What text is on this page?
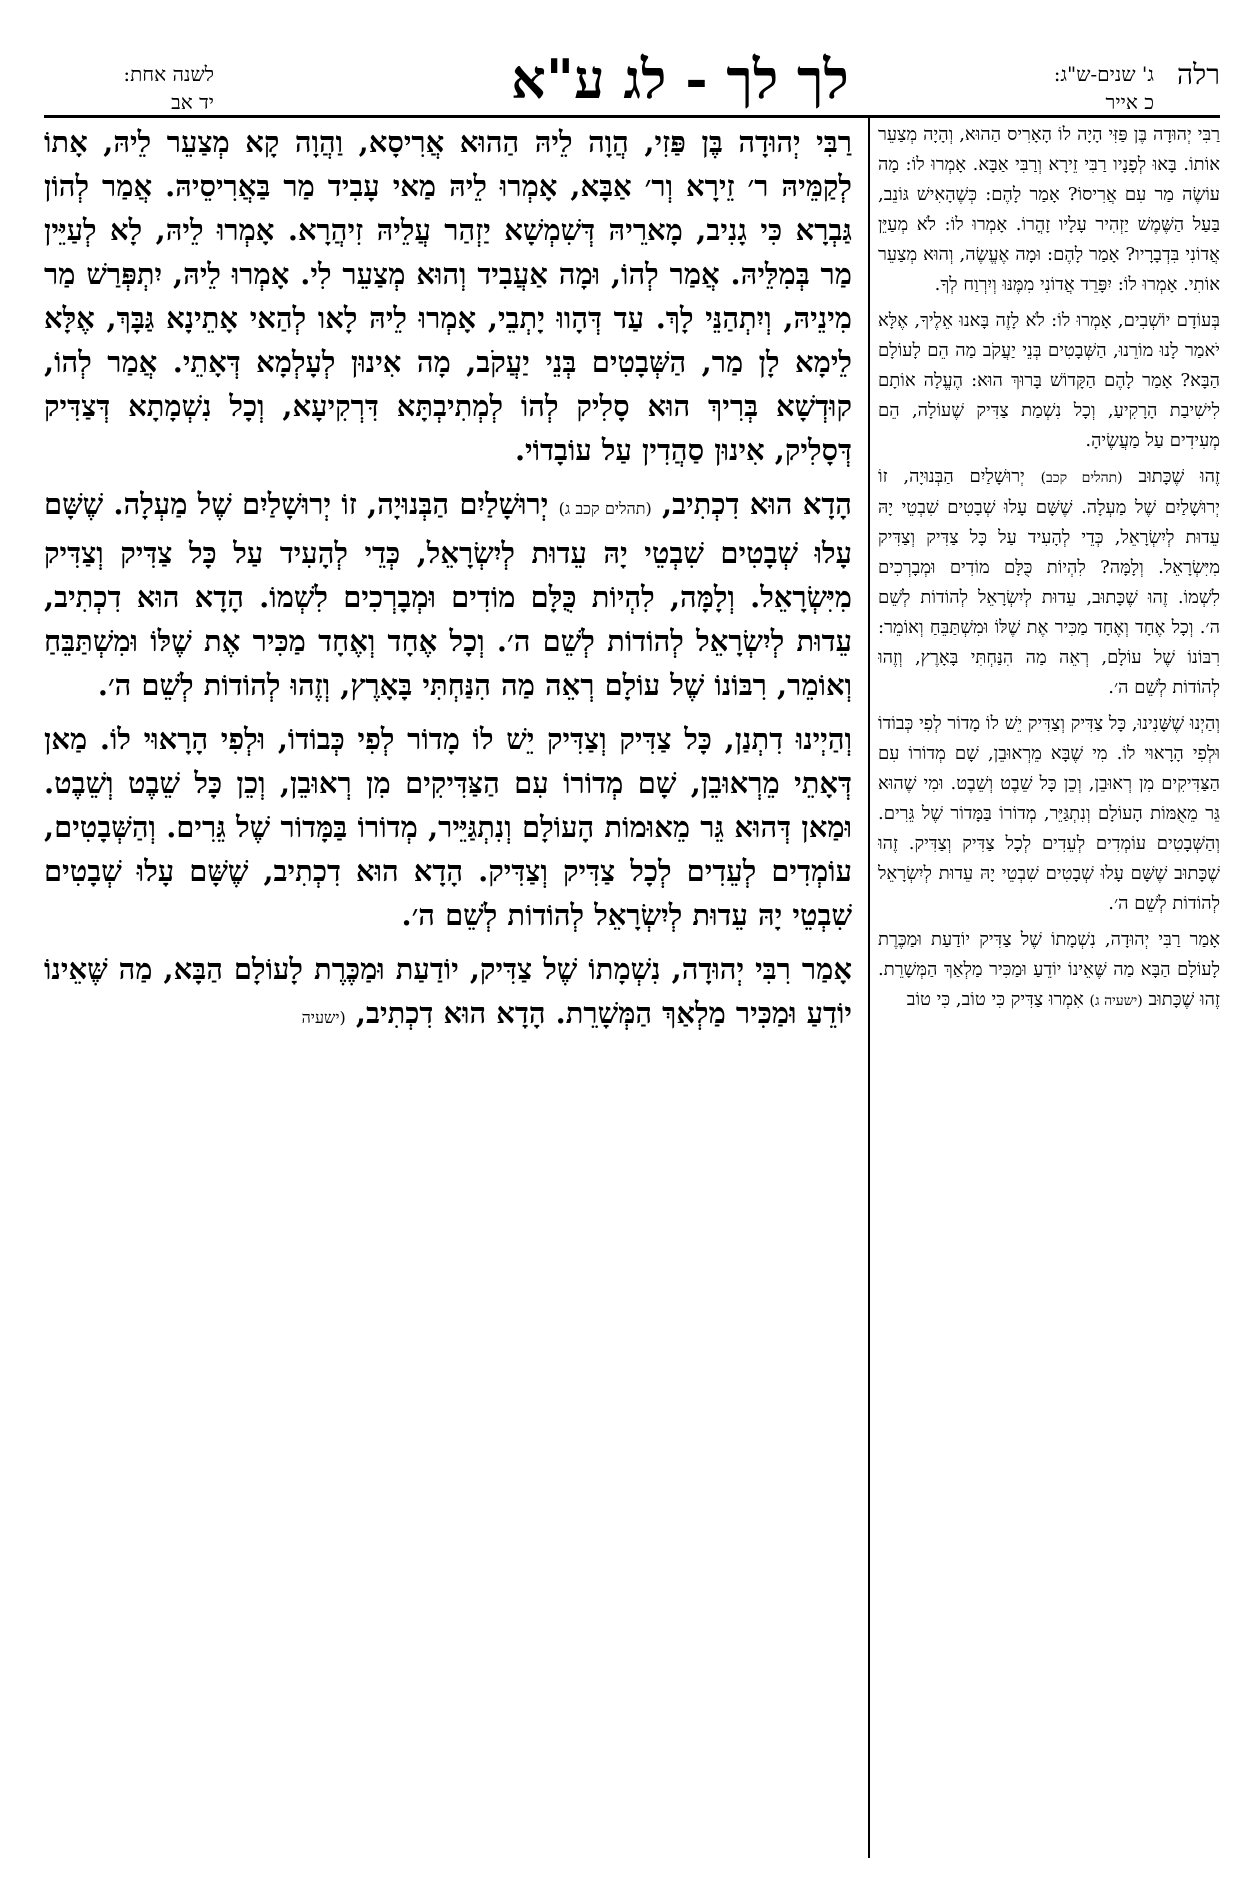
לשנה אחת:
יד אב	לך לך - לג ע"א	ג' שנים-ש"ג:
כ אייר
רלה

רַבִּי יְהוּדָה בֶּן פַּזִי, הֲוָה לֵיהּ הַהוּא אֲרִיסָא, וַהֲוָה קָא מְצַעֵר לֵיהּ, אָתוֹ לְקַמֵּיהּ ר׳ זֵירָא וְר׳ אַבָּא, אָמְרוּ לֵיהּ מַאי עָבִיד מַר בַּאֲרִיסֵיהּ. אֲמַר לְהוֹן גַּבְרָא כִּי גָנִיב, מָארֵיהּ דְּשִׁמְשָׁא יַזְהַר עֲלֵיהּ זִיהֲרָא. אָמְרוּ לֵיהּ, לָא לְעַיֵּין מַר בְּמִלֵּיהּ. אֲמַר לְהוֹ, וּמָה אַעֲבִיד וְהוּא מְצַעֵר לִי. אָמְרוּ לֵיהּ, יִתְפְּרַשׁ מַר מִינֵיהּ, וְיִתְהַנֵּי לָךְ. עַד דְּהָווּ יָתְבֵי, אָמְרוּ לֵיהּ לָאו לְהַאי אָתֵינָא גַּבָּךְ, אֶלָּא לֵימָא לָן מַר, הַשְּׁבָטִים בְּנֵי יַעֲקֹב, מָה אִינוּן לְעָלְמָא דְּאָתֵי. אֲמַר לְהוֹ, קוּדְשָׁא בְּרִיךְ הוּא סָלִיק לְהוֹ לְמְתִיבְתָּא דִּרְקִיעָא, וְכָל נִשְׁמָתָא דְּצַדִּיק דְּסָלִיק, אִינוּן סַהֲדִין עַל עוֹבָדוֹי.

הָדָא הוּא דִכְתִיב, (תהלים קכב ג) יְרוּשָׁלַיִם הַבְּנוּיָה, זוֹ יְרוּשָׁלַיִם שֶׁל מַעְלָה. שֶׁשָּׁם עָלוּ שְׁבָטִים שִׁבְטֵי יָהּ עֵדוּת לְיִשְׂרָאֵל, כְּדֵי לְהָעִיד עַל כָּל צַדִּיק וְצַדִּיק מִיִּשְׂרָאֵל. וְלָמָּה, לִהְיוֹת כֻּלָּם מוֹדִים וּמְבָרְכִים לִשְׁמוֹ. הָדָא הוּא דִכְתִיב, עֵדוּת לְיִשְׂרָאֵל לְהוֹדוֹת לְשֵׁם ה׳. וְכָל אֶחָד וְאֶחָד מַכִּיר אֶת שֶׁלּוֹ וּמִשְׁתַּבֵּחַ וְאוֹמֵר, רִבּוֹנוֹ שֶׁל עוֹלָם רְאֵה מַה הִנַּחְתִּי בָּאָרֶץ, וְזֶהוּ לְהוֹדוֹת לְשֵׁם ה׳.

וְהַיְינוּ דִתְנַן, כָּל צַדִּיק וְצַדִּיק יֵשׁ לוֹ מָדוֹר לְפִי כְּבוֹדוֹ, וּלְפִי הָרָאוּי לוֹ. מַאן דְּאָתֵי מֵרְאוּבֵן, שָׁם מְדוֹרוֹ עִם הַצַּדִּיקִים מִן רְאוּבֵן, וְכֵן כָּל שֵׁבֶט וְשֵׁבֶט. וּמַאן דְּהוּא גֵּר מֵאוּמוֹת הָעוֹלָם וְנִתְגַּיֵּיר, מְדוֹרוֹ בַּמָּדוֹר שֶׁל גֵּרִים. וְהַשְּׁבָטִים, עוֹמְדִים לְעֵדִים לְכָל צַדִּיק וְצַדִּיק. הָדָא הוּא דִכְתִיב, שֶׁשָּׁם עָלוּ שְׁבָטִים שִׁבְטֵי יָהּ עֵדוּת לְיִשְׂרָאֵל לְהוֹדוֹת לְשֵׁם ה׳.

אָמַר רִבִּי יְהוּדָה, נִשְׁמָתוֹ שֶׁל צַדִּיק, יוֹדַעַת וּמַכֶּרֶת לָעוֹלָם הַבָּא, מַה שֶּׁאֵינוֹ יוֹדֵעַ וּמַכִּיר מַלְאַךְ הַמְּשָׁרֵת. הָדָא הוּא דִכְתִיב, (ישעיה

רַבִּי יְהוּדָה בֶּן פַּזִּי הָיָה לוֹ הָאָרִיס הַהוּא, וְהָיָה מְצַעֵר אוֹתוֹ. בָּאוּ לְפָנָיו רַבִּי זֵירָא וְרַבִּי אַבָּא. אָמְרוּ לוֹ: מָה עוֹשֶׂה מַר עִם אֲרִיסוֹ? אָמַר לָהֶם: כְּשֶׁהָאִישׁ גּוֹנֵב, בַּעַל הַשֶּׁמֶשׁ יַזְהִיר עָלָיו זָהֳרוֹ. אָמְרוּ לוֹ: לֹא מְעַיֵּן אֲדוֹנִי בִּדְבָרָיו? אָמַר לָהֶם: וּמָה אֶעֱשֶׂה, וְהוּא מְצַעֵר אוֹתִי. אָמְרוּ לוֹ: יִפָּרֵד אֲדוֹנִי מִמֶּנּוּ וְיִרְוַח לְךָ.

בְּעוֹדָם יוֹשְׁבִים, אָמְרוּ לוֹ: לֹא לָזֶה בָּאנוּ אֵלֶיךָ, אֶלָּא יֹאמַר לָנוּ מוֹרֵנוּ, הַשְּׁבָטִים בְּנֵי יַעֲקֹב מַה הֵם לָעוֹלָם הַבָּא? אָמַר לָהֶם הַקָּדוֹשׁ בָּרוּךְ הוּא: הֶעֱלָה אוֹתָם לִישִׁיבַת הָרָקִיעַ, וְכָל נִשְׁמַת צַדִּיק שֶׁעוֹלָה, הֵם מְעִידִים עַל מַעֲשֶׂיהָ.

זֶהוּ שֶׁכָּתוּב (תהלים קכב) יְרוּשָׁלַיִם הַבְּנוּיָה, זוֹ יְרוּשָׁלַיִם שֶׁל מַעְלָה. שֶׁשָּׁם עָלוּ שְׁבָטִים שִׁבְטֵי יָהּ עֵדוּת לְיִשְׂרָאֵל, כְּדֵי לְהָעִיד עַל כָּל צַדִּיק וְצַדִּיק מִיִּשְׂרָאֵל. וְלָמָּה? לִהְיוֹת כֻּלָּם מוֹדִים וּמְבָרְכִים לִשְׁמוֹ. זֶהוּ שֶׁכָּתוּב, עֵדוּת לְיִשְׂרָאֵל לְהוֹדוֹת לְשֵׁם ה׳. וְכָל אֶחָד וְאֶחָד מַכִּיר אֶת שֶׁלּוֹ וּמִשְׁתַּבֵּחַ וְאוֹמֵר: רִבּוֹנוֹ שֶׁל עוֹלָם, רְאֵה מַה הִנַּחְתִּי בָּאָרֶץ, וְזֶהוּ לְהוֹדוֹת לְשֵׁם ה׳.

וְהַיְנוּ שֶׁשָּׁנִינוּ, כָּל צַדִּיק וְצַדִּיק יֵשׁ לוֹ מָדוֹר לְפִי כְּבוֹדוֹ וּלְפִי הָרָאוּי לוֹ. מִי שֶׁבָּא מֵרְאוּבֵן, שָׁם מְדוֹרוֹ עִם הַצַּדִּיקִים מִן רְאוּבֵן, וְכֵן כָּל שֵׁבֶט וְשֵׁבֶט. וּמִי שֶׁהוּא גֵּר מֵאֻמּוֹת הָעוֹלָם וְנִתְגַּיֵּר, מְדוֹרוֹ בַּמָּדוֹר שֶׁל גֵּרִים. וְהַשְּׁבָטִים עוֹמְדִים לְעֵדִים לְכָל צַדִּיק וְצַדִּיק. זֶהוּ שֶׁכָּתוּב שֶׁשָּׁם עָלוּ שְׁבָטִים שִׁבְטֵי יָהּ עֵדוּת לְיִשְׂרָאֵל לְהוֹדוֹת לְשֵׁם ה׳.

אָמַר רַבִּי יְהוּדָה, נִשְׁמָתוֹ שֶׁל צַדִּיק יוֹדַעַת וּמַכֶּרֶת לָעוֹלָם הַבָּא מַה שֶּׁאֵינוֹ יוֹדֵעַ וּמַכִּיר מַלְאַךְ הַמְּשָׁרֵת. זֶהוּ שֶׁכָּתוּב (ישעיה ג) אִמְרוּ צַדִּיק כִּי טוֹב, כִּי טוֹב
